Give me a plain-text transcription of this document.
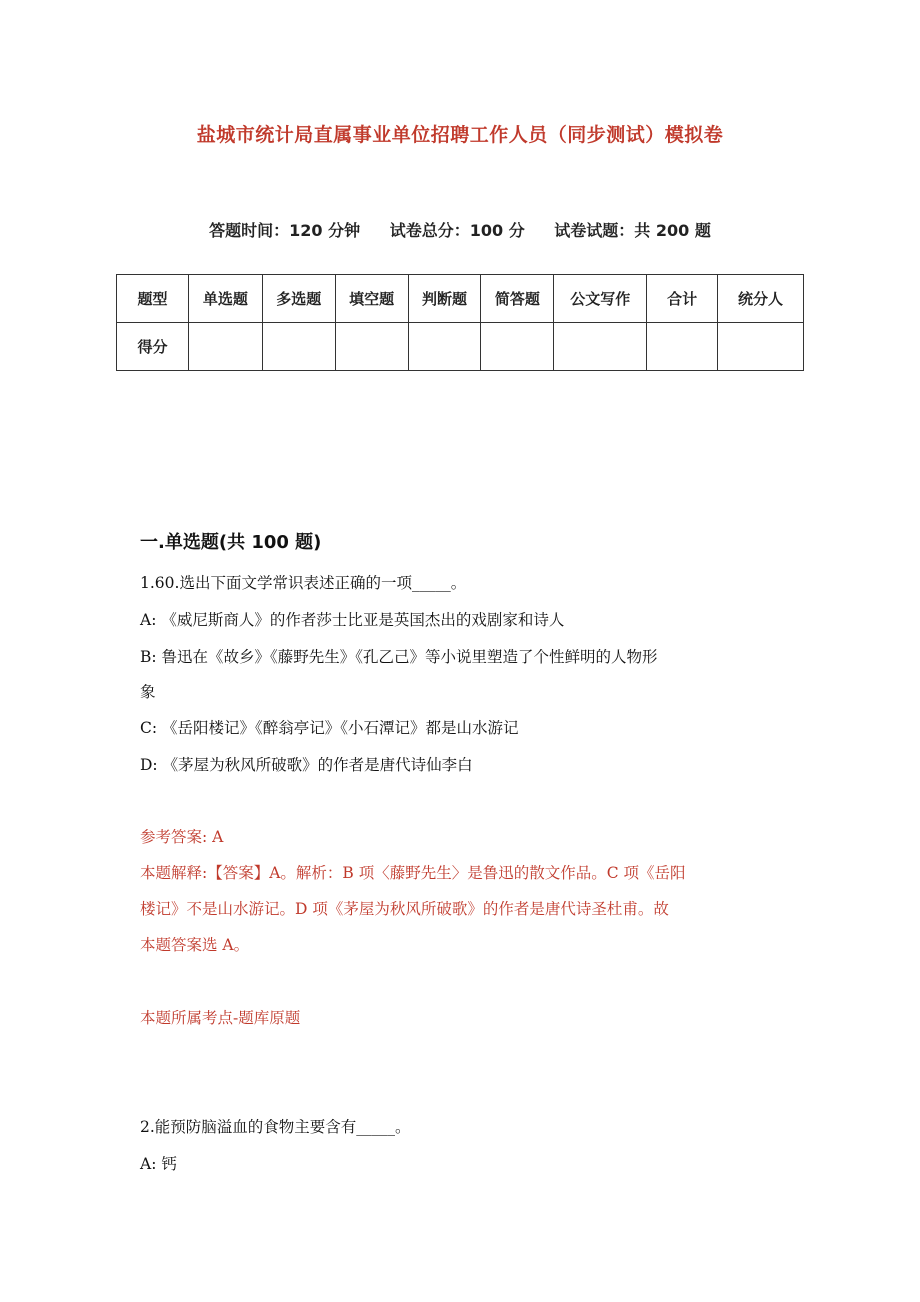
盐城市统计局直属事业单位招聘工作人员（同步测试）模拟卷
答题时间：120 分钟 试卷总分：100 分 试卷试题：共 200 题
题型	单选题	多选题	填空题	判断题	简答题	公文写作	合计	统分人
得分								
一.单选题(共 100 题)
1.60.选出下面文学常识表述正确的一项_____。
A: 《威尼斯商人》的作者莎士比亚是英国杰出的戏剧家和诗人
B: 鲁迅在《故乡》《藤野先生》《孔乙己》等小说里塑造了个性鲜明的人物形
象
C: 《岳阳楼记》《醉翁亭记》《小石潭记》都是山水游记
D: 《茅屋为秋风所破歌》的作者是唐代诗仙李白
参考答案: A
本题解释:【答案】A。解析：B 项〈藤野先生〉是鲁迅的散文作品。C 项《岳阳
楼记》不是山水游记。D 项《茅屋为秋风所破歌》的作者是唐代诗圣杜甫。故
本题答案选 A。
本题所属考点-题库原题
2.能预防脑溢血的食物主要含有_____。
A: 钙
